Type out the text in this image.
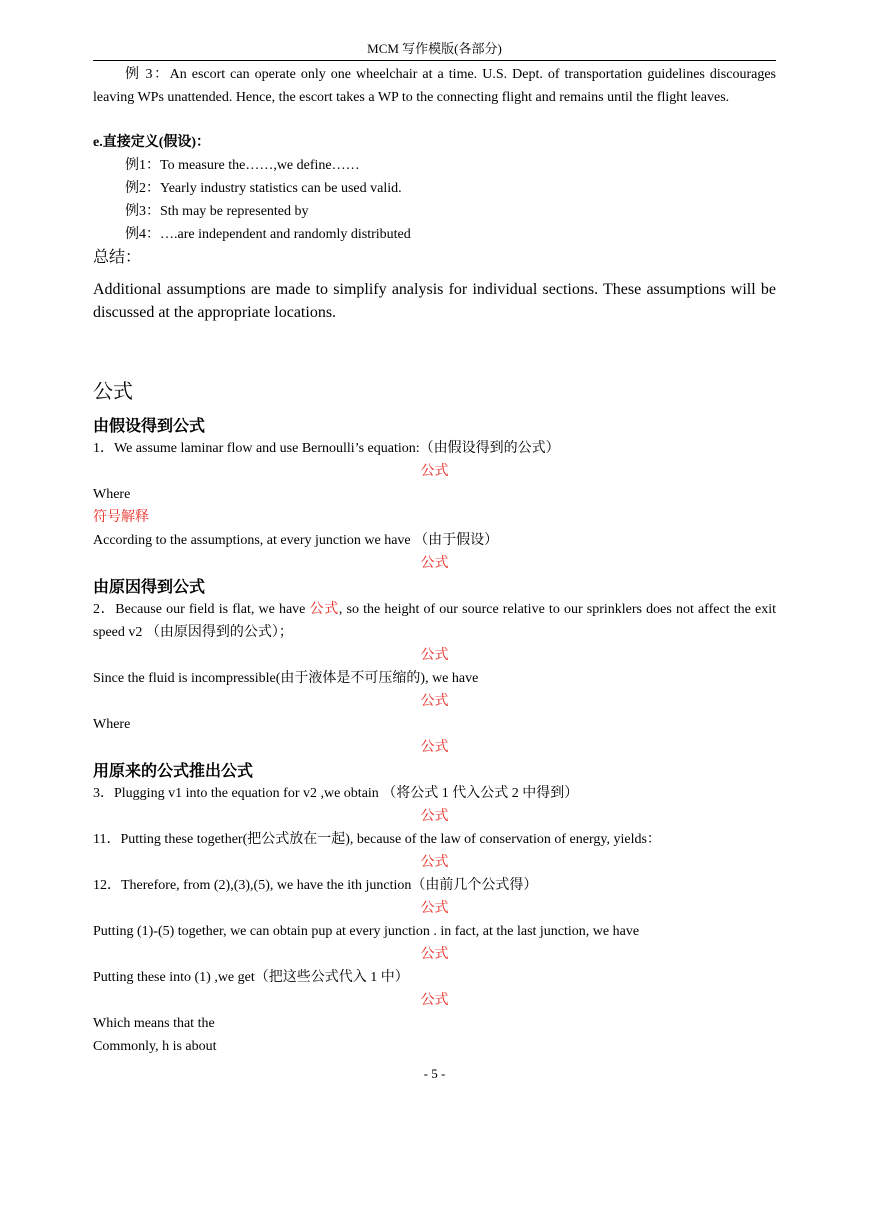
MCM 写作模版(各部分)

例 3：An escort can operate only one wheelchair at a time. U.S. Dept. of transportation guidelines discourages leaving WPs unattended. Hence, the escort takes a WP to the connecting flight and remains until the flight leaves.

e.直接定义(假设)：

例1：To measure the……,we define……

例2：Yearly industry statistics can be used valid.

例3：Sth may be represented by

例4：….are independent and randomly distributed

总结：

Additional assumptions are made to simplify analysis for individual sections. These assumptions will be discussed at the appropriate locations.

公式
由假设得到公式

1．We assume laminar flow and use Bernoulli’s equation:（由假设得到的公式）

公式

Where

符号解释

According to the assumptions, at every junction we have （由于假设）

公式

由原因得到公式

2．Because our field is flat, we have 公式, so the height of our source relative to our sprinklers does not affect the exit speed v2 （由原因得到的公式）；

公式

Since the fluid is incompressible(由于液体是不可压缩的), we have

公式

Where

公式

用原来的公式推出公式

3．Plugging v1 into the equation for v2 ,we obtain （将公式 1 代入公式 2 中得到）

公式

11．Putting these together(把公式放在一起), because of the law of conservation of energy, yields：

公式

12．Therefore, from (2),(3),(5), we have the ith junction（由前几个公式得）

公式

Putting (1)-(5) together, we can obtain pup at every junction . in fact, at the last junction, we have

公式

Putting these into (1) ,we get（把这些公式代入 1 中）

公式

Which means that the

Commonly, h is about

- 5 -
